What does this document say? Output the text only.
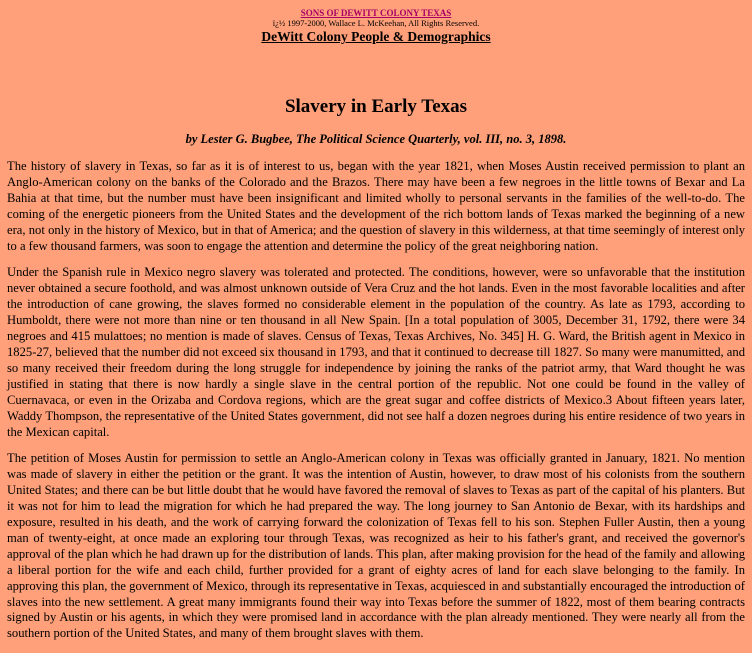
SONS OF DEWITT COLONY TEXAS
ï¿½ 1997-2000, Wallace L. McKeehan, All Rights Reserved.
DeWitt Colony People & Demographics
Slavery in Early Texas

by Lester G. Bugbee, The Political Science Quarterly, vol. III, no. 3, 1898.

The history of slavery in Texas, so far as it is of interest to us, began with the year 1821, when Moses Austin received permission to plant an Anglo-American colony on the banks of the Colorado and the Brazos. There may have been a few negroes in the little towns of Bexar and La Bahia at that time, but the number must have been insignificant and limited wholly to personal servants in the families of the well-to-do. The coming of the energetic pioneers from the United States and the development of the rich bottom lands of Texas marked the beginning of a new era, not only in the history of Mexico, but in that of America; and the question of slavery in this wilderness, at that time seemingly of interest only to a few thousand farmers, was soon to engage the attention and determine the policy of the great neighboring nation.

Under the Spanish rule in Mexico negro slavery was tolerated and protected. The conditions, however, were so unfavorable that the institution never obtained a secure foothold, and was almost unknown outside of Vera Cruz and the hot lands. Even in the most favorable localities and after the introduction of cane growing, the slaves formed no considerable element in the population of the country. As late as 1793, according to Humboldt, there were not more than nine or ten thousand in all New Spain. [In a total population of 3005, December 31, 1792, there were 34 negroes and 415 mulattoes; no mention is made of slaves. Census of Texas, Texas Archives, No. 345] H. G. Ward, the British agent in Mexico in 1825-27, believed that the number did not exceed six thousand in 1793, and that it continued to decrease till 1827. So many were manumitted, and so many received their freedom during the long struggle for independence by joining the ranks of the patriot army, that Ward thought he was justified in stating that there is now hardly a single slave in the central portion of the republic. Not one could be found in the valley of Cuernavaca, or even in the Orizaba and Cordova regions, which are the great sugar and coffee districts of Mexico.3 About fifteen years later, Waddy Thompson, the representative of the United States government, did not see half a dozen negroes during his entire residence of two years in the Mexican capital.

The petition of Moses Austin for permission to settle an Anglo-American colony in Texas was officially granted in January, 1821. No mention was made of slavery in either the petition or the grant. It was the intention of Austin, however, to draw most of his colonists from the southern United States; and there can be but little doubt that he would have favored the removal of slaves to Texas as part of the capital of his planters. But it was not for him to lead the migration for which he had prepared the way. The long journey to San Antonio de Bexar, with its hardships and exposure, resulted in his death, and the work of carrying forward the colonization of Texas fell to his son. Stephen Fuller Austin, then a young man of twenty-eight, at once made an exploring tour through Texas, was recognized as heir to his father's grant, and received the governor's approval of the plan which he had drawn up for the distribution of lands. This plan, after making provision for the head of the family and allowing a liberal portion for the wife and each child, further provided for a grant of eighty acres of land for each slave belonging to the family. In approving this plan, the government of Mexico, through its representative in Texas, acquiesced in and substantially encouraged the introduction of slaves into the new settlement. A great many immigrants found their way into Texas before the summer of 1822, most of them bearing contracts signed by Austin or his agents, in which they were promised land in accordance with the plan already mentioned. They were nearly all from the southern portion of the United States, and many of them brought slaves with them.
